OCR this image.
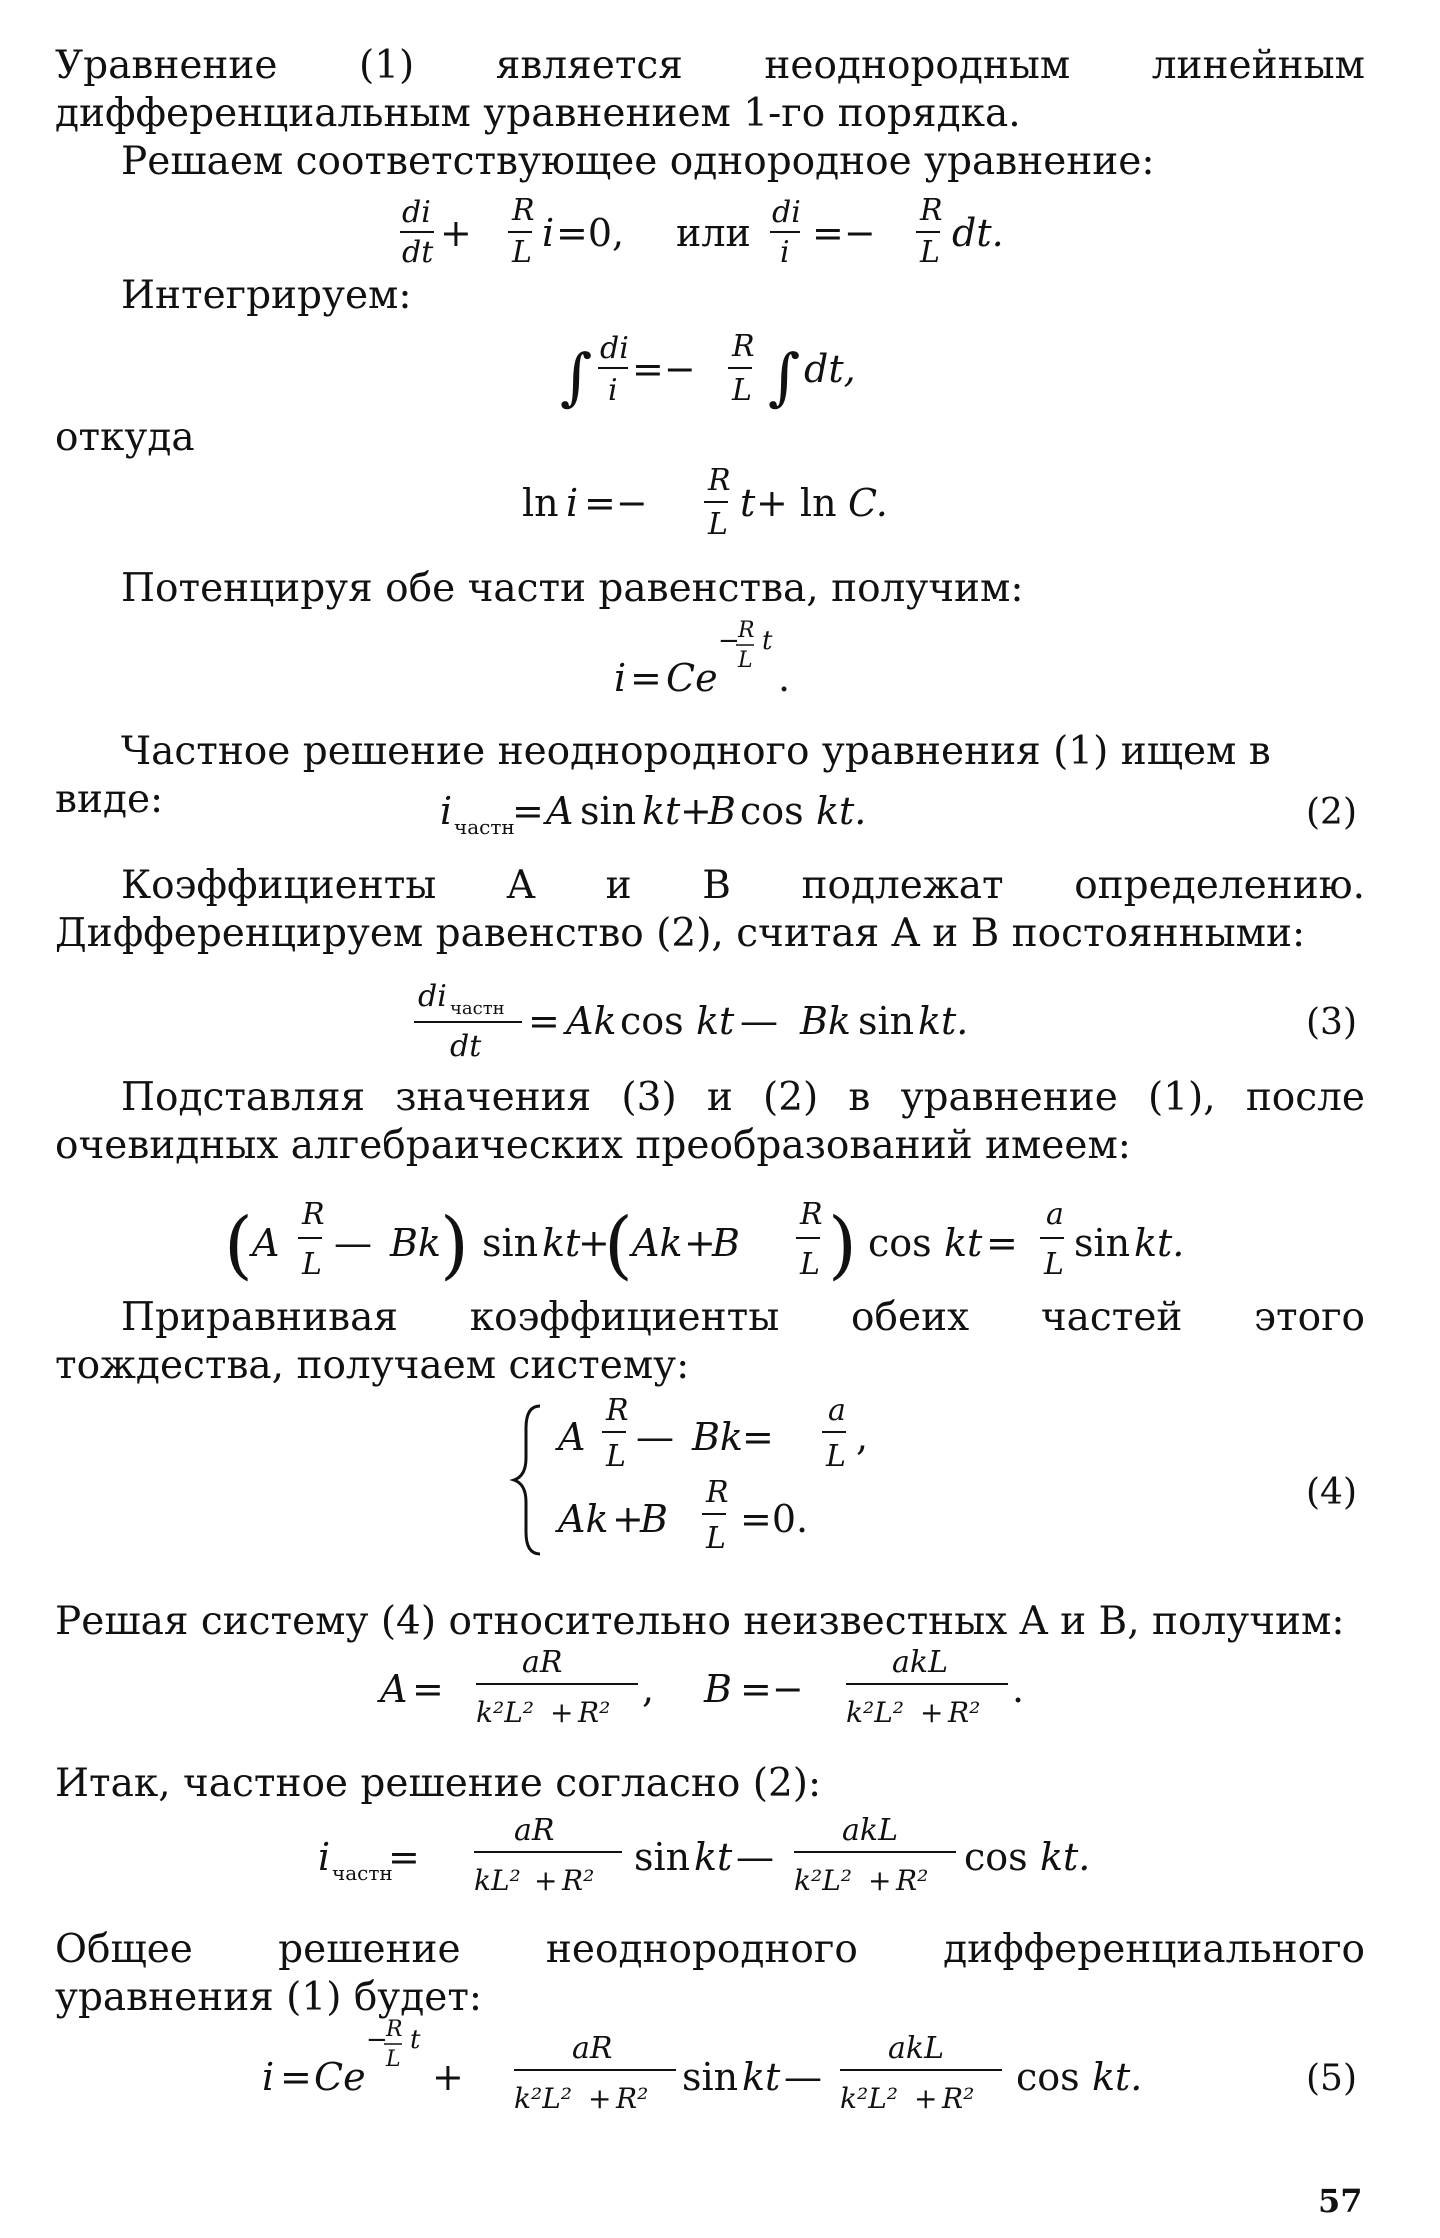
Уравнение (1) является неоднородным линейным дифференциальным уравнением 1-го порядка.

Решаем соответствующее однородное уравнение:

di
dt +
R
L i =0, или di
i =−
R
L dt.

Интегрируем:

∫ di
i =−
R
L ∫ dt,

откуда

ln i =−
R
L t + ln C.

Потенцируя обе части равенства, получим:

i = Ce
−
R
L
t
.

Частное решение неоднородного уравнения (1) ищем в виде:	i частн
= A sin kt +
B cos kt.	(2)

Коэффициенты A и B подлежат определению. Дифференцируем равенство (2), считая A и B постоянными:

di частн
dt
= Ak cos kt — Bk sin kt.	(3)

Подставляя значения (3) и (2) в уравнение (1), после очевидных алгебраических преобразований имеем:

( A
R
L — Bk ) sin kt
+
( Ak +
B
R
L ) cos kt =
a
L sin kt.

Приравнивая коэффициенты обеих частей этого тождества, получаем систему:

A
R
L — Bk =
a
L ,
Ak +
B
R
L =0.
(4)

Решая систему (4) относительно неизвестных A и B, получим:

A =
aR
k²L² + R²
, B =−
akL
k²L² + R²
.

Итак, частное решение согласно (2):

i частн
=
aR
kL² + R²
sin kt —
akL
k²L² + R²
cos kt.

Общее решение неоднородного дифференциального уравнения (1) будет:

i = Ce
−
R
L
t
+
aR
k²L² + R² sin kt —
akL
k²L² + R² cos kt.	(5)
57
